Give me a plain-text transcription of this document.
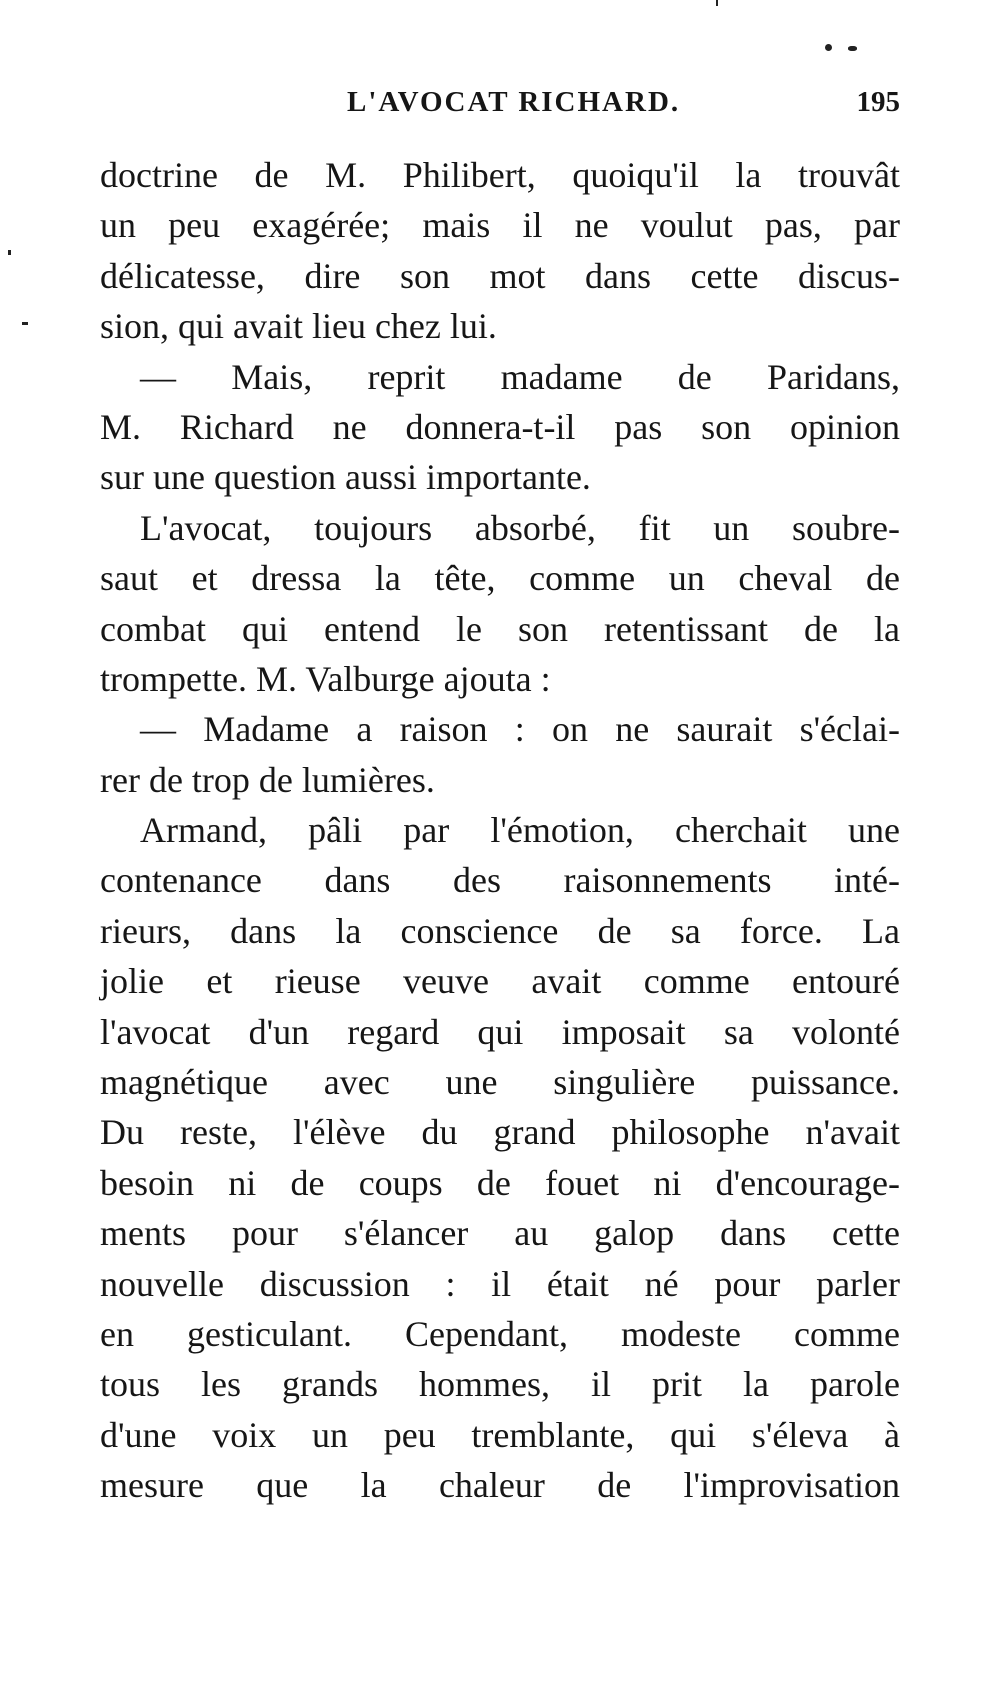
L'AVOCAT RICHARD.	195
doctrine de M. Philibert, quoiqu'il la trouvât
un peu exagérée; mais il ne voulut pas, par
délicatesse, dire son mot dans cette discus-
sion, qui avait lieu chez lui.
— Mais, reprit madame de Paridans,
M. Richard ne donnera-t-il pas son opinion
sur une question aussi importante.
L'avocat, toujours absorbé, fit un soubre-
saut et dressa la tête, comme un cheval de
combat qui entend le son retentissant de la
trompette. M. Valburge ajouta :
— Madame a raison : on ne saurait s'éclai-
rer de trop de lumières.
Armand, pâli par l'émotion, cherchait une
contenance dans des raisonnements inté-
rieurs, dans la conscience de sa force. La
jolie et rieuse veuve avait comme entouré
l'avocat d'un regard qui imposait sa volonté
magnétique avec une singulière puissance.
Du reste, l'élève du grand philosophe n'avait
besoin ni de coups de fouet ni d'encourage-
ments pour s'élancer au galop dans cette
nouvelle discussion : il était né pour parler
en gesticulant. Cependant, modeste comme
tous les grands hommes, il prit la parole
d'une voix un peu tremblante, qui s'éleva à
mesure que la chaleur de l'improvisation
